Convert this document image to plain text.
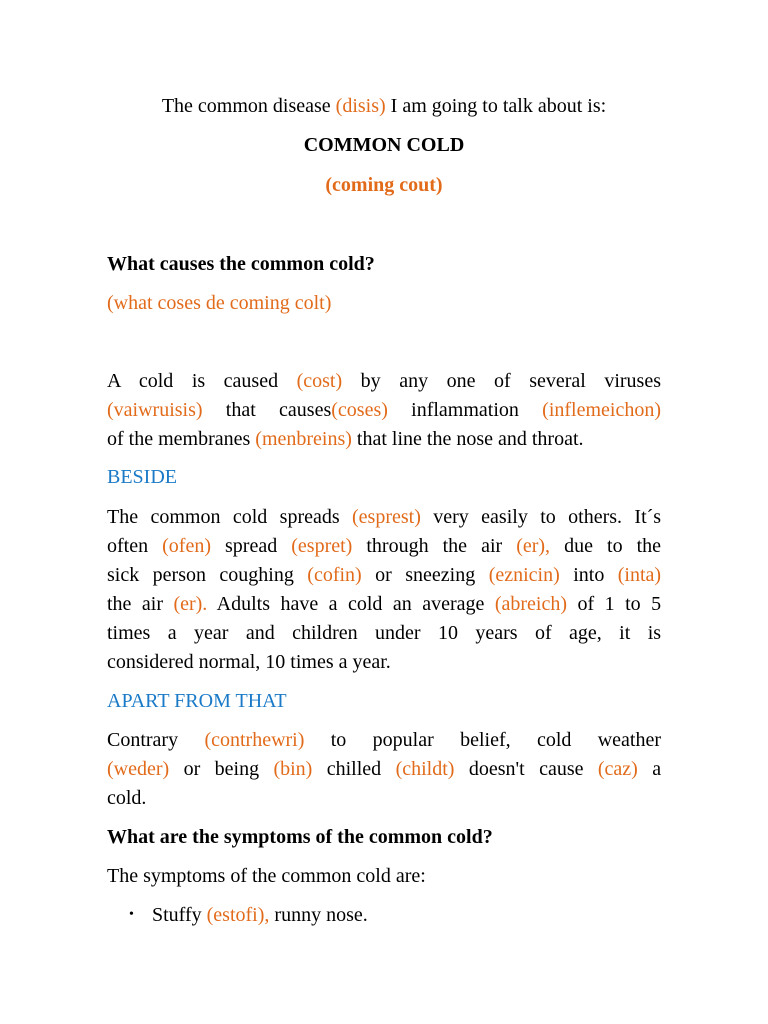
The common disease (disis) I am going to talk about is:
COMMON COLD
(coming cout)
What causes the common cold?
(what coses de coming colt)
A cold is caused (cost) by any one of several viruses
(vaiwruisis) that causes(coses) inflammation (inflemeichon)
of the membranes (menbreins) that line the nose and throat.
BESIDE
The common cold spreads (esprest) very easily to others. It´s
often (ofen) spread (espret) through the air (er), due to the
sick person coughing (cofin) or sneezing (eznicin) into (inta)
the air (er). Adults have a cold an average (abreich) of 1 to 5
times a year and children under 10 years of age, it is
considered normal, 10 times a year.
APART FROM THAT
Contrary (contrhewri) to popular belief, cold weather
(weder) or being (bin) chilled (childt) doesn't cause (caz) a
cold.
What are the symptoms of the common cold?
The symptoms of the common cold are:
• Stuffy (estofi), runny nose.
